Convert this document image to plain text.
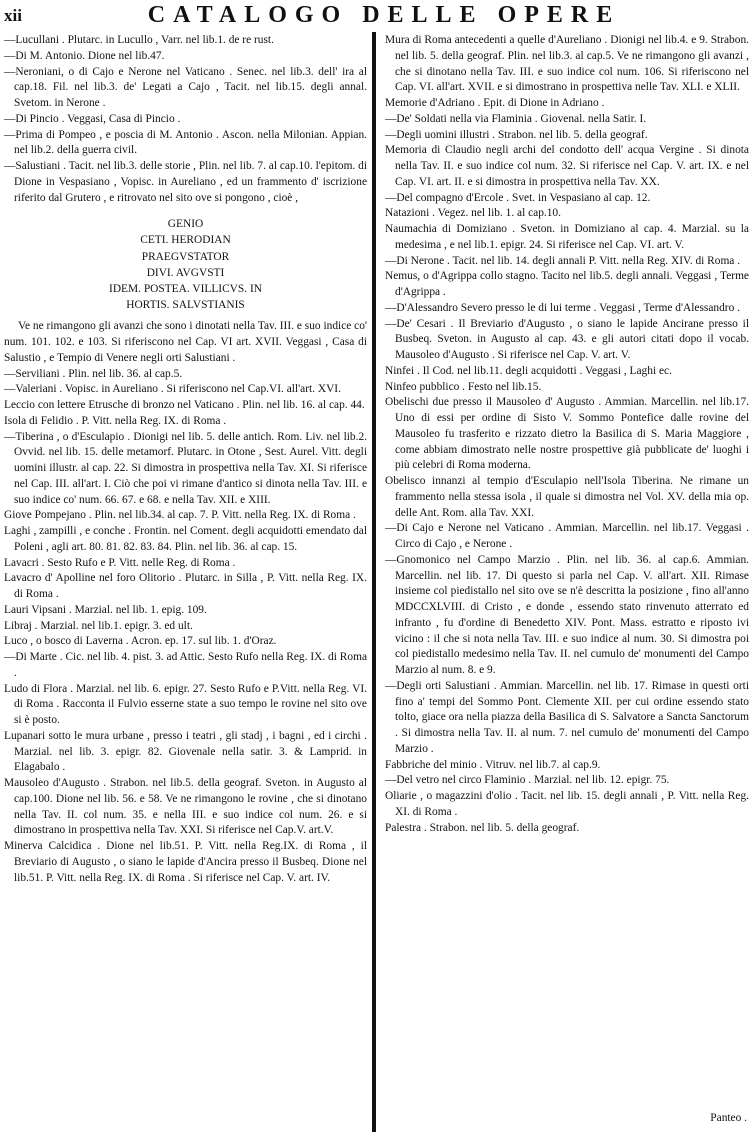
xii	CATALOGO DELLE OPERE

— Lucullani . Plutarc. in Lucullo , Varr. nel lib.1. de re rust.

— Di M. Antonio. Dione nel lib.47.

— Neroniani, o di Cajo e Nerone nel Vaticano . Senec. nel lib.3. dell' ira al cap.18. Fil. nel lib.3. de' Legati a Cajo , Tacit. nel lib.15. degli annal. Svetom. in Nerone .

— Di Pincio . Veggasi, Casa di Pincio .

— Prima di Pompeo , e poscia di M. Antonio . Ascon. nella Milonian. Appian. nel lib.2. della guerra civil.

— Salustiani . Tacit. nel lib.3. delle storie , Plin. nel lib. 7. al cap.10. l'epitom. di Dione in Vespasiano , Vopisc. in Aureliano , ed un frammento d' iscrizione riferito dal Grutero , e ritrovato nel sito ove si pongono , cioè ,

GENIO

CETI. HERODIAN

PRAEGVSTATOR

DIVI. AVGVSTI

IDEM. POSTEA. VILLICVS. IN

HORTIS. SALVSTIANIS

Ve ne rimangono gli avanzi che sono i dinotati nella Tav. III. e suo indice co' num. 101. 102. e 103. Si riferiscono nel Cap. VI art. XVII. Veggasi , Casa di Salustio , e Tempio di Venere negli orti Salustiani .

— Serviliani . Plin. nel lib. 36. al cap.5.

— Valeriani . Vopisc. in Aureliano . Si riferiscono nel Cap.VI. all'art. XVI.

Leccio con lettere Etrusche di bronzo nel Vaticano . Plin. nel lib. 16. al cap. 44.

Isola di Felidio . P. Vitt. nella Reg. IX. di Roma .

— Tiberina , o d'Esculapio . Dionigi nel lib. 5. delle antich. Rom. Liv. nel lib.2. Ovvid. nel lib. 15. delle metamorf. Plutarc. in Otone , Sest. Aurel. Vitt. degli uomini illustr. al cap. 22. Si dimostra in prospettiva nella Tav. XI. Si riferisce nel Cap. III. all'art. I. Ciò che poi vi rimane d'antico si dinota nella Tav. III. e suo indice co' num. 66. 67. e 68. e nella Tav. XII. e XIII.

Giove Pompejano . Plin. nel lib.34. al cap. 7. P. Vitt. nella Reg. IX. di Roma .

Laghi , zampilli , e conche . Frontin. nel Coment. degli acquidotti emendato dal Poleni , agli art. 80. 81. 82. 83. 84. Plin. nel lib. 36. al cap. 15.

Lavacri . Sesto Rufo e P. Vitt. nelle Reg. di Roma .

Lavacro d' Apolline nel foro Olitorio . Plutarc. in Silla , P. Vitt. nella Reg. IX. di Roma .

Lauri Vipsani . Marzial. nel lib. 1. epig. 109.

Libraj . Marzial. nel lib.1. epigr. 3. ed ult.

Luco , o bosco di Laverna . Acron. ep. 17. sul lib. 1. d'Oraz.

— Di Marte . Cic. nel lib. 4. pist. 3. ad Attic. Sesto Rufo nella Reg. IX. di Roma .

Ludo di Flora . Marzial. nel lib. 6. epigr. 27. Sesto Rufo e P.Vitt. nella Reg. VI. di Roma . Racconta il Fulvio esserne state a suo tempo le rovine nel sito ove si è posto.

Lupanari sotto le mura urbane , presso i teatri , gli stadj , i bagni , ed i circhi . Marzial. nel lib. 3. epigr. 82. Giovenale nella satir. 3. & Lamprid. in Elagabalo .

Mausoleo d'Augusto . Strabon. nel lib.5. della geograf. Sveton. in Augusto al cap.100. Dione nel lib. 56. e 58. Ve ne rimangono le rovine , che si dinotano nella Tav. II. col num. 35. e nella III. e suo indice col num. 26. e si dimostrano in prospettiva nella Tav. XXI. Si riferisce nel Cap.V. art.V.

Minerva Calcidica . Dione nel lib.51. P. Vitt. nella Reg.IX. di Roma , il Breviario di Augusto , o siano le lapide d'Ancira presso il Busbeq. Dione nel lib.51. P. Vitt. nella Reg. IX. di Roma . Si riferisce nel Cap. V. art. IV.

Mura di Roma antecedenti a quelle d'Aureliano . Dionigi nel lib.4. e 9. Strabon. nel lib. 5. della geograf. Plin. nel lib.3. al cap.5. Ve ne rimangono gli avanzi , che si dinotano nella Tav. III. e suo indice col num. 106. Si riferiscono nel Cap. VI. all'art. XVII. e si dimostrano in prospettiva nelle Tav. XLI. e XLII.

Memorie d'Adriano . Epit. di Dione in Adriano .

— De' Soldati nella via Flaminia . Giovenal. nella Satir. I.

— Degli uomini illustri . Strabon. nel lib. 5. della geograf.

Memoria di Claudio negli archi del condotto dell' acqua Vergine . Si dinota nella Tav. II. e suo indice col num. 32. Si riferisce nel Cap. V. art. IX. e nel Cap. VI. art. II. e si dimostra in prospettiva nella Tav. XX.

— Del compagno d'Ercole . Svet. in Vespasiano al cap. 12.

Natazioni . Vegez. nel lib. 1. al cap.10.

Naumachia di Domiziano . Sveton. in Domiziano al cap. 4. Marzial. su la medesima , e nel lib.1. epigr. 24. Si riferisce nel Cap. VI. art. V.

— Di Nerone . Tacit. nel lib. 14. degli annali P. Vitt. nella Reg. XIV. di Roma .

Nemus, o d'Agrippa collo stagno. Tacito nel lib.5. degli annali. Veggasi , Terme d'Agrippa .

— D'Alessandro Severo presso le di lui terme . Veggasi , Terme d'Alessandro .

— De' Cesari . Il Breviario d'Augusto , o siano le lapide Ancirane presso il Busbeq. Sveton. in Augusto al cap. 43. e gli autori citati dopo il vocab. Mausoleo d'Augusto . Si riferisce nel Cap. V. art. V.

Ninfei . Il Cod. nel lib.11. degli acquidotti . Veggasi , Laghi ec.

Ninfeo pubblico . Festo nel lib.15.

Obelischi due presso il Mausoleo d' Augusto . Ammian. Marcellin. nel lib.17. Uno di essi per ordine di Sisto V. Sommo Pontefice dalle rovine del Mausoleo fu trasferito e rizzato dietro la Basilica di S. Maria Maggiore , come abbiam dimostrato nelle nostre prospettive già pubblicate de' luoghi i più celebri di Roma moderna.

Obelisco innanzi al tempio d'Esculapio nell'Isola Tiberina. Ne rimane un frammento nella stessa isola , il quale si dimostra nel Vol. XV. della mia op. delle Ant. Rom. alla Tav. XXI.

— Di Cajo e Nerone nel Vaticano . Ammian. Marcellin. nel lib.17. Veggasi . Circo di Cajo , e Nerone .

— Gnomonico nel Campo Marzio . Plin. nel lib. 36. al cap.6. Ammian. Marcellin. nel lib. 17. Di questo si parla nel Cap. V. all'art. XII. Rimase insieme col piedistallo nel sito ove se n'è descritta la posizione , fino all'anno MDCCXLVIII. di Cristo , e donde , essendo stato rinvenuto atterrato ed infranto , fu d'ordine di Benedetto XIV. Pont. Mass. estratto e riposto ivi vicino : il che si nota nella Tav. III. e suo indice al num. 30. Si dimostra poi col piedistallo medesimo nella Tav. II. nel cumulo de' monumenti del Campo Marzio al num. 8. e 9.

— Degli orti Salustiani . Ammian. Marcellin. nel lib. 17. Rimase in questi orti fino a' tempi del Sommo Pont. Clemente XII. per cui ordine essendo stato tolto, giace ora nella piazza della Basilica di S. Salvatore a Sancta Sanctorum . Si dimostra nella Tav. II. al num. 7. nel cumulo de' monumenti del Campo Marzio .

Fabbriche del minio . Vitruv. nel lib.7. al cap.9.

— Del vetro nel circo Flaminio . Marzial. nel lib. 12. epigr. 75.

Oliarie , o magazzini d'olio . Tacit. nel lib. 15. degli annali , P. Vitt. nella Reg. XI. di Roma .

Palestra . Strabon. nel lib. 5. della geograf.

Panteo .
